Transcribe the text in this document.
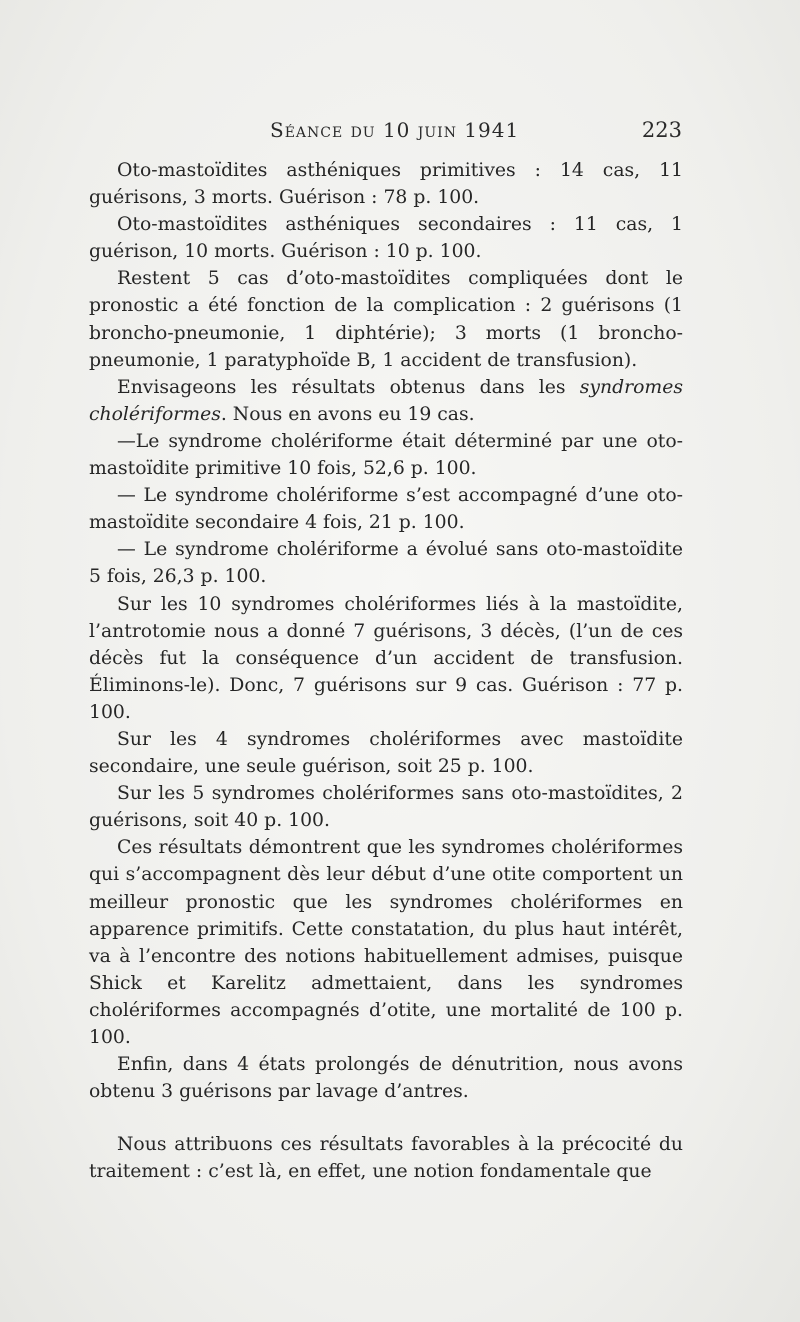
Séance du 10 juin 1941	223

Oto-mastoïdites asthéniques primitives : 14 cas, 11 guérisons, 3 morts. Guérison : 78 p. 100.

Oto-mastoïdites asthéniques secondaires : 11 cas, 1 guérison, 10 morts. Guérison : 10 p. 100.

Restent 5 cas d’oto-mastoïdites compliquées dont le pronostic a été fonction de la complication : 2 guérisons (1 broncho-pneumonie, 1 diphtérie); 3 morts (1 broncho-pneumonie, 1 paratyphoïde B, 1 accident de transfusion).

Envisageons les résultats obtenus dans les syndromes cholériformes. Nous en avons eu 19 cas.

—Le syndrome cholériforme était déterminé par une oto-mastoïdite primitive 10 fois, 52,6 p. 100.

— Le syndrome cholériforme s’est accompagné d’une oto-mastoïdite secondaire 4 fois, 21 p. 100.

— Le syndrome cholériforme a évolué sans oto-mastoïdite 5 fois, 26,3 p. 100.

Sur les 10 syndromes cholériformes liés à la mastoïdite, l’antrotomie nous a donné 7 guérisons, 3 décès, (l’un de ces décès fut la conséquence d’un accident de transfusion. Éliminons-le). Donc, 7 guérisons sur 9 cas. Guérison : 77 p. 100.

Sur les 4 syndromes cholériformes avec mastoïdite secondaire, une seule guérison, soit 25 p. 100.

Sur les 5 syndromes cholériformes sans oto-mastoïdites, 2 guérisons, soit 40 p. 100.

Ces résultats démontrent que les syndromes cholériformes qui s’accompagnent dès leur début d’une otite comportent un meilleur pronostic que les syndromes cholériformes en apparence primitifs. Cette constatation, du plus haut intérêt, va à l’encontre des notions habituellement admises, puisque Shick et Karelitz admettaient, dans les syndromes cholériformes accompagnés d’otite, une mortalité de 100 p. 100.

Enfin, dans 4 états prolongés de dénutrition, nous avons obtenu 3 guérisons par lavage d’antres.

Nous attribuons ces résultats favorables à la précocité du traitement : c’est là, en effet, une notion fondamentale que
